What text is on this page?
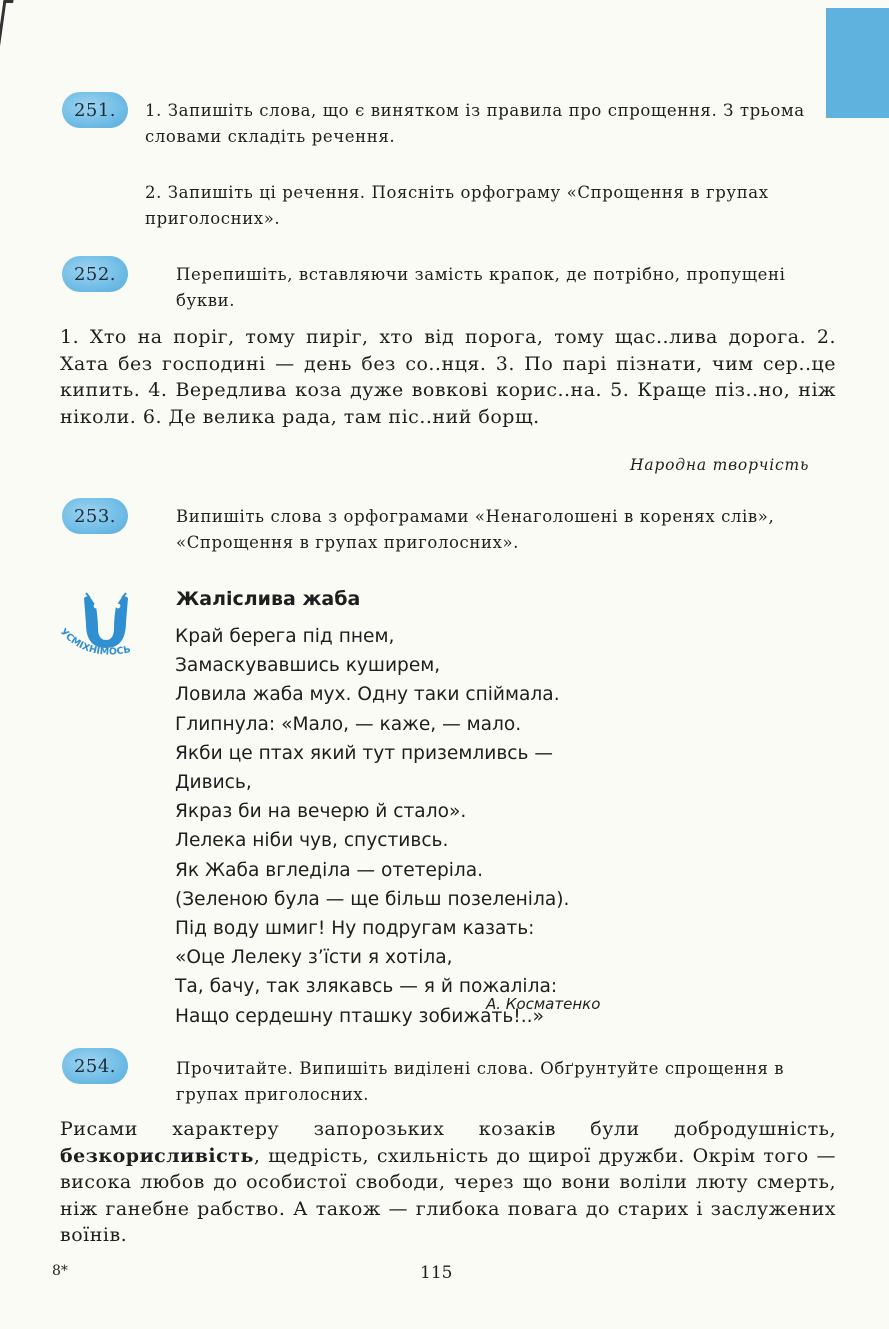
251. 1. Запишіть слова, що є винятком із правила про спрощення. З трьома словами складіть речення.
2. Запишіть ці речення. Поясніть орфограму «Спрощення в групах приголосних».
252.	Перепишіть, вставляючи замість крапок, де потрібно, пропущені букви.
1. Хто на поріг, тому пиріг, хто від порога, тому щас..лива дорога. 2. Хата без господині — день без со..нця. 3. По парі пізнати, чим сер..це кипить. 4. Вередлива коза дуже вовкові корис..на. 5. Краще піз..но, ніж ніколи. 6. Де велика рада, там піс..ний борщ.
Народна творчість
253.	Випишіть слова з орфограмами «Ненаголошені в коренях слів», «Спрощення в групах приголосних».
УСМІХНІМОСЬ
Жаліслива жаба
Край берега під пнем,
Замаскувавшись куширем,
Ловила жаба мух. Одну таки спіймала.
Глипнула: «Мало, — каже, — мало.
Якби це птах який тут приземливсь —
Дивись,
Якраз би на вечерю й стало».
Лелека ніби чув, спустивсь.
Як Жаба вгледіла — отетеріла.
(Зеленою була — ще більш позеленіла).
Під воду шмиг! Ну подругам казать:
«Оце Лелеку з’їсти я хотіла,
Та, бачу, так злякавсь — я й пожаліла:
Нащо сердешну пташку зобижать!..»
А. Косматенко
254.	Прочитайте. Випишіть виділені слова. Обґрунтуйте спрощення в групах приголосних.
Рисами характеру запорозьких козаків були добродушність, безкорисливість, щедрість, схильність до щирої дружби. Окрім того — висока любов до особистої свободи, через що вони воліли люту смерть, ніж ганебне рабство. А також — глибока повага до старих і заслужених воїнів.
8*	115
